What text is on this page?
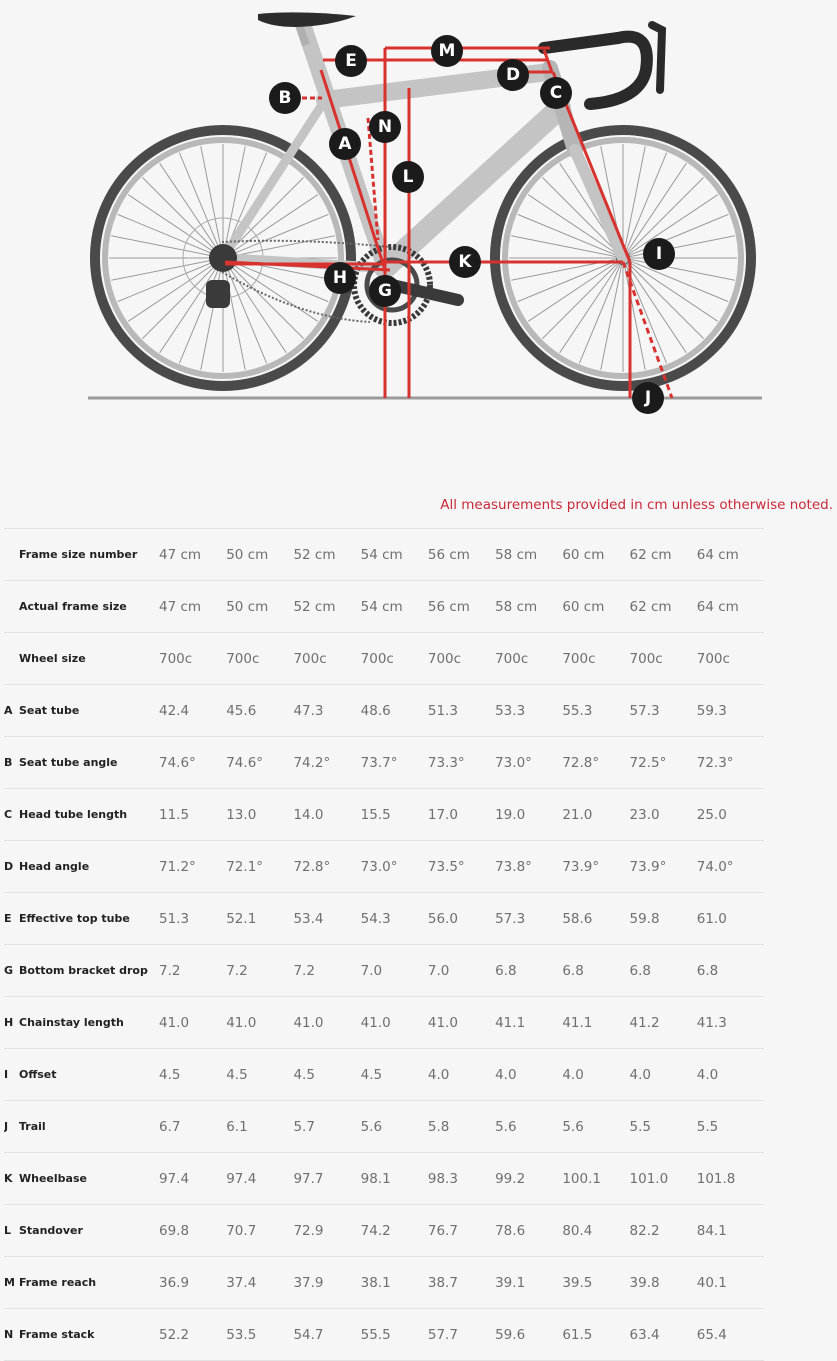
A
B	C
D
E
G
H
I
J
K
L
M
N
All measurements provided in cm unless otherwise noted.
	Frame size number	47 cm	50 cm	52 cm	54 cm	56 cm	58 cm	60 cm	62 cm	64 cm
	Actual frame size	47 cm	50 cm	52 cm	54 cm	56 cm	58 cm	60 cm	62 cm	64 cm
	Wheel size	700c	700c	700c	700c	700c	700c	700c	700c	700c
A	Seat tube	42.4	45.6	47.3	48.6	51.3	53.3	55.3	57.3	59.3
B	Seat tube angle	74.6°	74.6°	74.2°	73.7°	73.3°	73.0°	72.8°	72.5°	72.3°
C	Head tube length	11.5	13.0	14.0	15.5	17.0	19.0	21.0	23.0	25.0
D	Head angle	71.2°	72.1°	72.8°	73.0°	73.5°	73.8°	73.9°	73.9°	74.0°
E	Effective top tube	51.3	52.1	53.4	54.3	56.0	57.3	58.6	59.8	61.0
G	Bottom bracket drop	7.2	7.2	7.2	7.0	7.0	6.8	6.8	6.8	6.8
H	Chainstay length	41.0	41.0	41.0	41.0	41.0	41.1	41.1	41.2	41.3
I	Offset	4.5	4.5	4.5	4.5	4.0	4.0	4.0	4.0	4.0
J	Trail	6.7	6.1	5.7	5.6	5.8	5.6	5.6	5.5	5.5
K	Wheelbase	97.4	97.4	97.7	98.1	98.3	99.2	100.1	101.0	101.8
L	Standover	69.8	70.7	72.9	74.2	76.7	78.6	80.4	82.2	84.1
M	Frame reach	36.9	37.4	37.9	38.1	38.7	39.1	39.5	39.8	40.1
N	Frame stack	52.2	53.5	54.7	55.5	57.7	59.6	61.5	63.4	65.4
